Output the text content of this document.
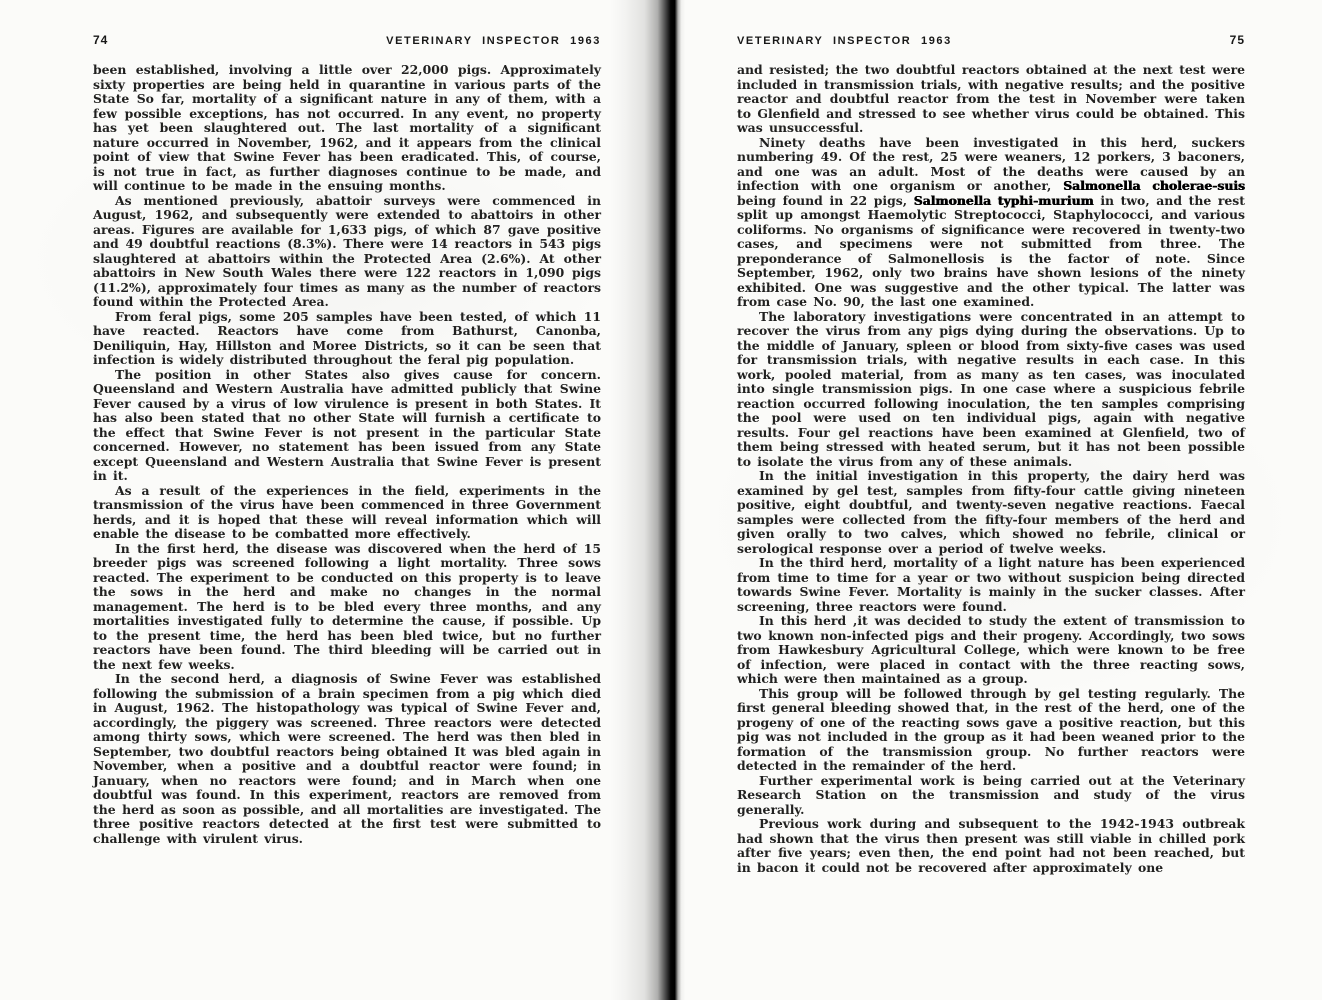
74	VETERINARY INSPECTOR 1963

been established, involving a little over 22,000 pigs. Approximately sixty properties are being held in quarantine in various parts of the State So far, mortality of a significant nature in any of them, with a few possible exceptions, has not occurred. In any event, no property has yet been slaughtered out. The last mortality of a significant nature occurred in November, 1962, and it appears from the clinical point of view that Swine Fever has been eradicated. This, of course, is not true in fact, as further diagnoses continue to be made, and will continue to be made in the ensuing months.

As mentioned previously, abattoir surveys were commenced in August, 1962, and subsequently were extended to abattoirs in other areas. Figures are available for 1,633 pigs, of which 87 gave positive and 49 doubtful reactions (8.3%). There were 14 reactors in 543 pigs slaughtered at abattoirs within the Protected Area (2.6%). At other abattoirs in New South Wales there were 122 reactors in 1,090 pigs (11.2%), approximately four times as many as the number of reactors found within the Protected Area.

From feral pigs, some 205 samples have been tested, of which 11 have reacted. Reactors have come from Bathurst, Canonba, Deniliquin, Hay, Hillston and Moree Districts, so it can be seen that infection is widely distributed throughout the feral pig population.

The position in other States also gives cause for concern. Queensland and Western Australia have admitted publicly that Swine Fever caused by a virus of low virulence is present in both States. It has also been stated that no other State will furnish a certificate to the effect that Swine Fever is not present in the particular State concerned. However, no statement has been issued from any State except Queensland and Western Australia that Swine Fever is present in it.

As a result of the experiences in the field, experiments in the transmission of the virus have been commenced in three Government herds, and it is hoped that these will reveal information which will enable the disease to be combatted more effectively.

In the first herd, the disease was discovered when the herd of 15 breeder pigs was screened following a light mortality. Three sows reacted. The experiment to be conducted on this property is to leave the sows in the herd and make no changes in the normal management. The herd is to be bled every three months, and any mortalities investigated fully to determine the cause, if possible. Up to the present time, the herd has been bled twice, but no further reactors have been found. The third bleeding will be carried out in the next few weeks.

In the second herd, a diagnosis of Swine Fever was established following the submission of a brain specimen from a pig which died in August, 1962. The histopathology was typical of Swine Fever and, accordingly, the piggery was screened. Three reactors were detected among thirty sows, which were screened. The herd was then bled in September, two doubtful reactors being obtained It was bled again in November, when a positive and a doubtful reactor were found; in January, when no reactors were found; and in March when one doubtful was found. In this experiment, reactors are removed from the herd as soon as possible, and all mortalities are investigated. The three positive reactors detected at the first test were submitted to challenge with virulent virus.

VETERINARY INSPECTOR 1963	75

and resisted; the two doubtful reactors obtained at the next test were included in transmission trials, with negative results; and the positive reactor and doubtful reactor from the test in November were taken to Glenfield and stressed to see whether virus could be obtained. This was unsuccessful.

Ninety deaths have been investigated in this herd, suckers numbering 49. Of the rest, 25 were weaners, 12 porkers, 3 baconers, and one was an adult. Most of the deaths were caused by an infection with one organism or another, Salmonella cholerae-suis being found in 22 pigs, Salmonella typhi-murium in two, and the rest split up amongst Haemolytic Streptococci, Staphylococci, and various coliforms. No organisms of significance were recovered in twenty-two cases, and specimens were not submitted from three. The preponderance of Salmonellosis is the factor of note. Since September, 1962, only two brains have shown lesions of the ninety exhibited. One was suggestive and the other typical. The latter was from case No. 90, the last one examined.

The laboratory investigations were concentrated in an attempt to recover the virus from any pigs dying during the observations. Up to the middle of January, spleen or blood from sixty-five cases was used for transmission trials, with negative results in each case. In this work, pooled material, from as many as ten cases, was inoculated into single transmission pigs. In one case where a suspicious febrile reaction occurred following inoculation, the ten samples comprising the pool were used on ten individual pigs, again with negative results. Four gel reactions have been examined at Glenfield, two of them being stressed with heated serum, but it has not been possible to isolate the virus from any of these animals.

In the initial investigation in this property, the dairy herd was examined by gel test, samples from fifty-four cattle giving nineteen positive, eight doubtful, and twenty-seven negative reactions. Faecal samples were collected from the fifty-four members of the herd and given orally to two calves, which showed no febrile, clinical or serological response over a period of twelve weeks.

In the third herd, mortality of a light nature has been experienced from time to time for a year or two without suspicion being directed towards Swine Fever. Mortality is mainly in the sucker classes. After screening, three reactors were found.

In this herd ,it was decided to study the extent of transmission to two known non-infected pigs and their progeny. Accordingly, two sows from Hawkesbury Agricultural College, which were known to be free of infection, were placed in contact with the three reacting sows, which were then maintained as a group.

This group will be followed through by gel testing regularly. The first general bleeding showed that, in the rest of the herd, one of the progeny of one of the reacting sows gave a positive reaction, but this pig was not included in the group as it had been weaned prior to the formation of the transmission group. No further reactors were detected in the remainder of the herd.

Further experimental work is being carried out at the Veterinary Research Station on the transmission and study of the virus generally.

Previous work during and subsequent to the 1942-1943 outbreak had shown that the virus then present was still viable in chilled pork after five years; even then, the end point had not been reached, but in bacon it could not be recovered after approximately one
